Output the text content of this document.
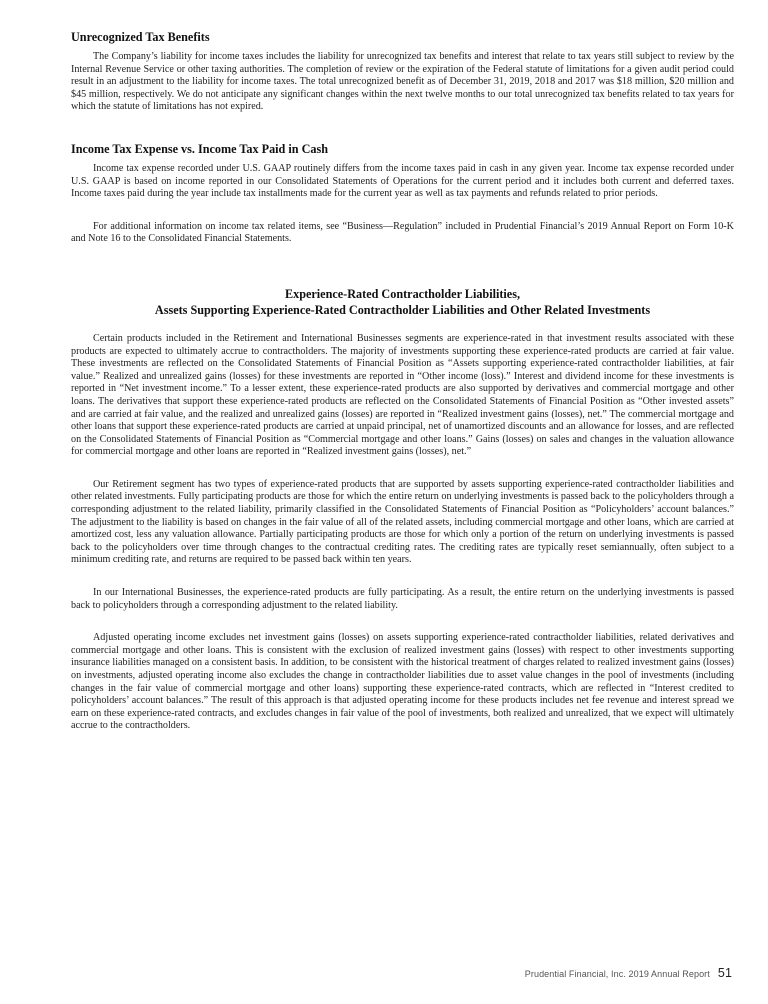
Unrecognized Tax Benefits

The Company’s liability for income taxes includes the liability for unrecognized tax benefits and interest that relate to tax years still subject to review by the Internal Revenue Service or other taxing authorities. The completion of review or the expiration of the Federal statute of limitations for a given audit period could result in an adjustment to the liability for income taxes. The total unrecognized benefit as of December 31, 2019, 2018 and 2017 was $18 million, $20 million and $45 million, respectively. We do not anticipate any significant changes within the next twelve months to our total unrecognized tax benefits related to tax years for which the statute of limitations has not expired.

Income Tax Expense vs. Income Tax Paid in Cash

Income tax expense recorded under U.S. GAAP routinely differs from the income taxes paid in cash in any given year. Income tax expense recorded under U.S. GAAP is based on income reported in our Consolidated Statements of Operations for the current period and it includes both current and deferred taxes. Income taxes paid during the year include tax installments made for the current year as well as tax payments and refunds related to prior periods.

For additional information on income tax related items, see “Business—Regulation” included in Prudential Financial’s 2019 Annual Report on Form 10-K and Note 16 to the Consolidated Financial Statements.

Experience-Rated Contractholder Liabilities,
Assets Supporting Experience-Rated Contractholder Liabilities and Other Related Investments

Certain products included in the Retirement and International Businesses segments are experience-rated in that investment results associated with these products are expected to ultimately accrue to contractholders. The majority of investments supporting these experience-rated products are carried at fair value. These investments are reflected on the Consolidated Statements of Financial Position as “Assets supporting experience-rated contractholder liabilities, at fair value.” Realized and unrealized gains (losses) for these investments are reported in “Other income (loss).” Interest and dividend income for these investments is reported in “Net investment income.” To a lesser extent, these experience-rated products are also supported by derivatives and commercial mortgage and other loans. The derivatives that support these experience-rated products are reflected on the Consolidated Statements of Financial Position as “Other invested assets” and are carried at fair value, and the realized and unrealized gains (losses) are reported in “Realized investment gains (losses), net.” The commercial mortgage and other loans that support these experience-rated products are carried at unpaid principal, net of unamortized discounts and an allowance for losses, and are reflected on the Consolidated Statements of Financial Position as “Commercial mortgage and other loans.” Gains (losses) on sales and changes in the valuation allowance for commercial mortgage and other loans are reported in “Realized investment gains (losses), net.”

Our Retirement segment has two types of experience-rated products that are supported by assets supporting experience-rated contractholder liabilities and other related investments. Fully participating products are those for which the entire return on underlying investments is passed back to the policyholders through a corresponding adjustment to the related liability, primarily classified in the Consolidated Statements of Financial Position as “Policyholders’ account balances.” The adjustment to the liability is based on changes in the fair value of all of the related assets, including commercial mortgage and other loans, which are carried at amortized cost, less any valuation allowance. Partially participating products are those for which only a portion of the return on underlying investments is passed back to the policyholders over time through changes to the contractual crediting rates. The crediting rates are typically reset semiannually, often subject to a minimum crediting rate, and returns are required to be passed back within ten years.

In our International Businesses, the experience-rated products are fully participating. As a result, the entire return on the underlying investments is passed back to policyholders through a corresponding adjustment to the related liability.

Adjusted operating income excludes net investment gains (losses) on assets supporting experience-rated contractholder liabilities, related derivatives and commercial mortgage and other loans. This is consistent with the exclusion of realized investment gains (losses) with respect to other investments supporting insurance liabilities managed on a consistent basis. In addition, to be consistent with the historical treatment of charges related to realized investment gains (losses) on investments, adjusted operating income also excludes the change in contractholder liabilities due to asset value changes in the pool of investments (including changes in the fair value of commercial mortgage and other loans) supporting these experience-rated contracts, which are reflected in “Interest credited to policyholders’ account balances.” The result of this approach is that adjusted operating income for these products includes net fee revenue and interest spread we earn on these experience-rated contracts, and excludes changes in fair value of the pool of investments, both realized and unrealized, that we expect will ultimately accrue to the contractholders.

Prudential Financial, Inc. 2019 Annual Report 51
